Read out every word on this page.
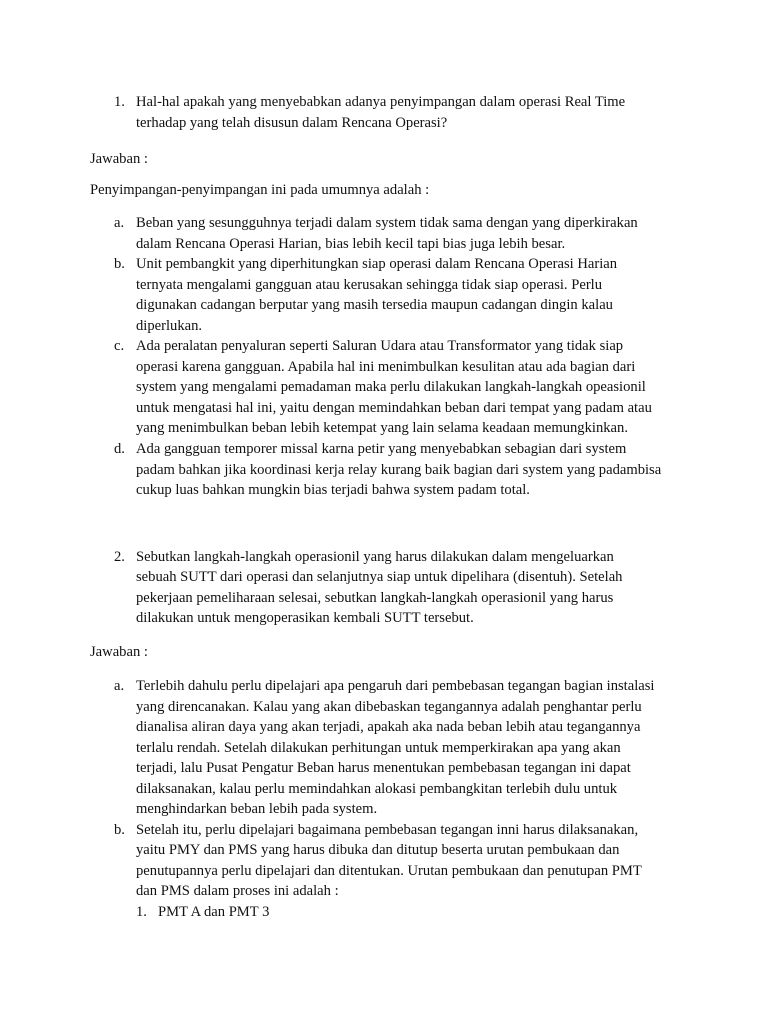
1. Hal-hal apakah yang menyebabkan adanya penyimpangan dalam operasi Real Time
terhadap yang telah disusun dalam Rencana Operasi?
Jawaban :
Penyimpangan-penyimpangan ini pada umumnya adalah :
a. Beban yang sesungguhnya terjadi dalam system tidak sama dengan yang diperkirakan
dalam Rencana Operasi Harian, bias lebih kecil tapi bias juga lebih besar.
b. Unit pembangkit yang diperhitungkan siap operasi dalam Rencana Operasi Harian
ternyata mengalami gangguan atau kerusakan sehingga tidak siap operasi. Perlu
digunakan cadangan berputar yang masih tersedia maupun cadangan dingin kalau
diperlukan.
c. Ada peralatan penyaluran seperti Saluran Udara atau Transformator yang tidak siap
operasi karena gangguan. Apabila hal ini menimbulkan kesulitan atau ada bagian dari
system yang mengalami pemadaman maka perlu dilakukan langkah-langkah opeasionil
untuk mengatasi hal ini, yaitu dengan memindahkan beban dari tempat yang padam atau
yang menimbulkan beban lebih ketempat yang lain selama keadaan memungkinkan.
d. Ada gangguan temporer missal karna petir yang menyebabkan sebagian dari system
padam bahkan jika koordinasi kerja relay kurang baik bagian dari system yang padambisa
cukup luas bahkan mungkin bias terjadi bahwa system padam total.
2. Sebutkan langkah-langkah operasionil yang harus dilakukan dalam mengeluarkan
sebuah SUTT dari operasi dan selanjutnya siap untuk dipelihara (disentuh). Setelah
pekerjaan pemeliharaan selesai, sebutkan langkah-langkah operasionil yang harus
dilakukan untuk mengoperasikan kembali SUTT tersebut.
Jawaban :
a. Terlebih dahulu perlu dipelajari apa pengaruh dari pembebasan tegangan bagian instalasi
yang direncanakan. Kalau yang akan dibebaskan tegangannya adalah penghantar perlu
dianalisa aliran daya yang akan terjadi, apakah aka nada beban lebih atau tegangannya
terlalu rendah. Setelah dilakukan perhitungan untuk memperkirakan apa yang akan
terjadi, lalu Pusat Pengatur Beban harus menentukan pembebasan tegangan ini dapat
dilaksanakan, kalau perlu memindahkan alokasi pembangkitan terlebih dulu untuk
menghindarkan beban lebih pada system.
b. Setelah itu, perlu dipelajari bagaimana pembebasan tegangan inni harus dilaksanakan,
yaitu PMY dan PMS yang harus dibuka dan ditutup beserta urutan pembukaan dan
penutupannya perlu dipelajari dan ditentukan. Urutan pembukaan dan penutupan PMT
dan PMS dalam proses ini adalah :
1. PMT A dan PMT 3
